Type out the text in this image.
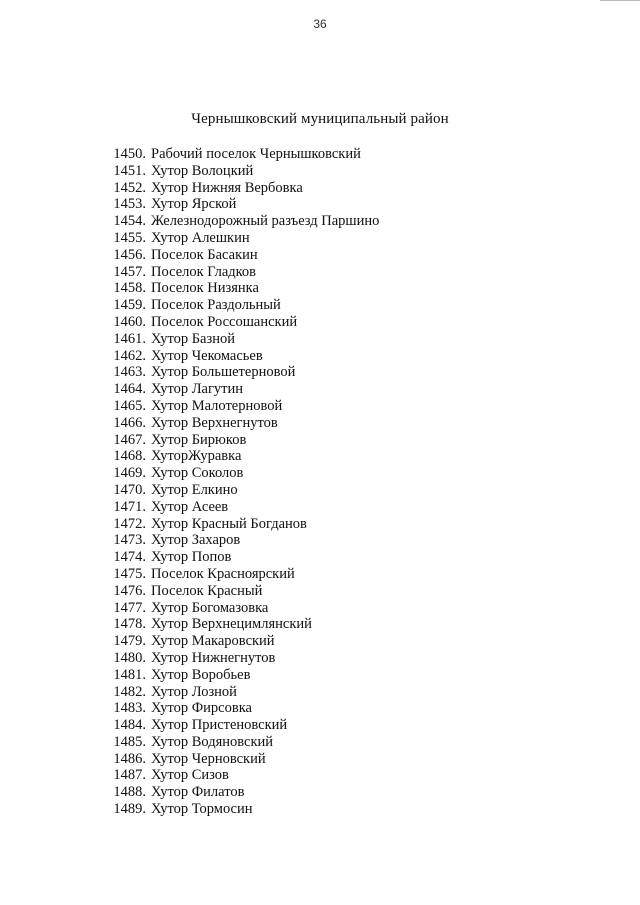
36
Чернышковский муниципальный район
1450. Рабочий поселок Чернышковский
1451. Хутор Волоцкий
1452. Хутор Нижняя Вербовка
1453. Хутор Ярской
1454. Железнодорожный разъезд Паршино
1455. Хутор Алешкин
1456. Поселок Басакин
1457. Поселок Гладков
1458. Поселок Низянка
1459. Поселок Раздольный
1460. Поселок Россошанский
1461. Хутор Базной
1462. Хутор Чекомасьев
1463. Хутор Большетерновой
1464. Хутор Лагутин
1465. Хутор Малотерновой
1466. Хутор Верхнегнутов
1467. Хутор Бирюков
1468. ХуторЖуравка
1469. Хутор Соколов
1470. Хутор Елкино
1471. Хутор Асеев
1472. Хутор Красный Богданов
1473. Хутор Захаров
1474. Хутор Попов
1475. Поселок Красноярский
1476. Поселок Красный
1477. Хутор Богомазовка
1478. Хутор Верхнецимлянский
1479. Хутор Макаровский
1480. Хутор Нижнегнутов
1481. Хутор Воробьев
1482. Хутор Лозной
1483. Хутор Фирсовка
1484. Хутор Пристеновский
1485. Хутор Водяновский
1486. Хутор Черновский
1487. Хутор Сизов
1488. Хутор Филатов
1489. Хутор Тормосин
